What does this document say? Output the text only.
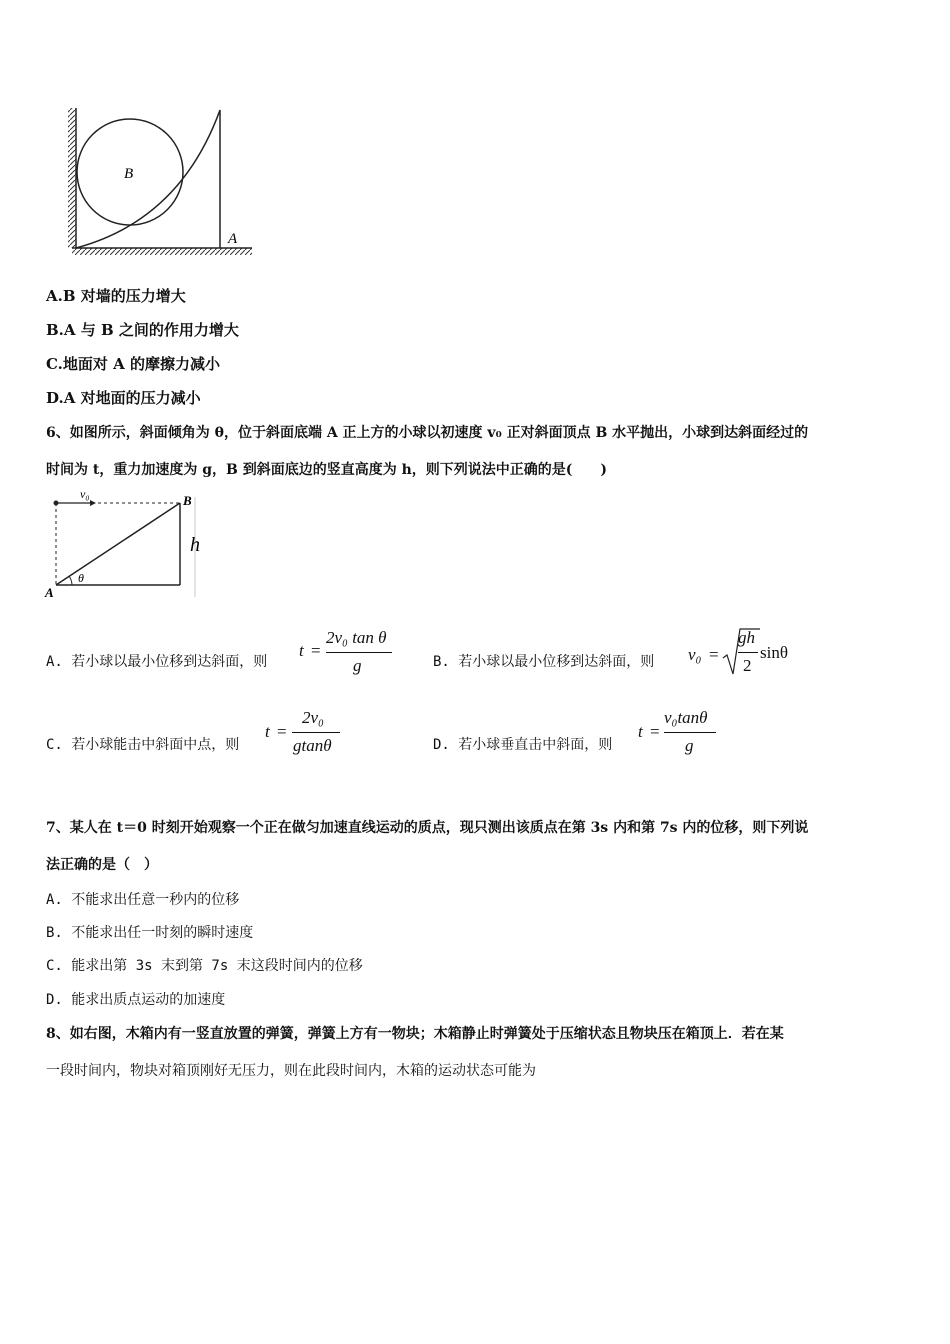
B
A
A.B 对墙的压力增大
B.A 与 B 之间的作用力增大
C.地面对 A 的摩擦力减小
D.A 对地面的压力减小
6、如图所示，斜面倾角为 θ，位于斜面底端 A 正上方的小球以初速度 v₀ 正对斜面顶点 B 水平抛出，小球到达斜面经过的
时间为 t，重力加速度为 g，B 到斜面底边的竖直高度为 h，则下列说法中正确的是(　　)
v₀
θ
B
A
h
A. 若小球以最小位移到达斜面，则
t =
2v₀ tan θ
g	B. 若小球以最小位移到达斜面，则 v₀ =
gh
2
sinθ
C. 若小球能击中斜面中点，则
t =
2v₀
gtanθ	D. 若小球垂直击中斜面，则
t =
v₀tanθ
g
7、某人在 t＝0 时刻开始观察一个正在做匀加速直线运动的质点，现只测出该质点在第 3s 内和第 7s 内的位移，则下列说
法正确的是（　）
A. 不能求出任意一秒内的位移
B. 不能求出任一时刻的瞬时速度
C. 能求出第 3s 末到第 7s 末这段时间内的位移
D. 能求出质点运动的加速度
8、如右图，木箱内有一竖直放置的弹簧，弹簧上方有一物块；木箱静止时弹簧处于压缩状态且物块压在箱顶上．若在某
一段时间内，物块对箱顶刚好无压力，则在此段时间内，木箱的运动状态可能为
